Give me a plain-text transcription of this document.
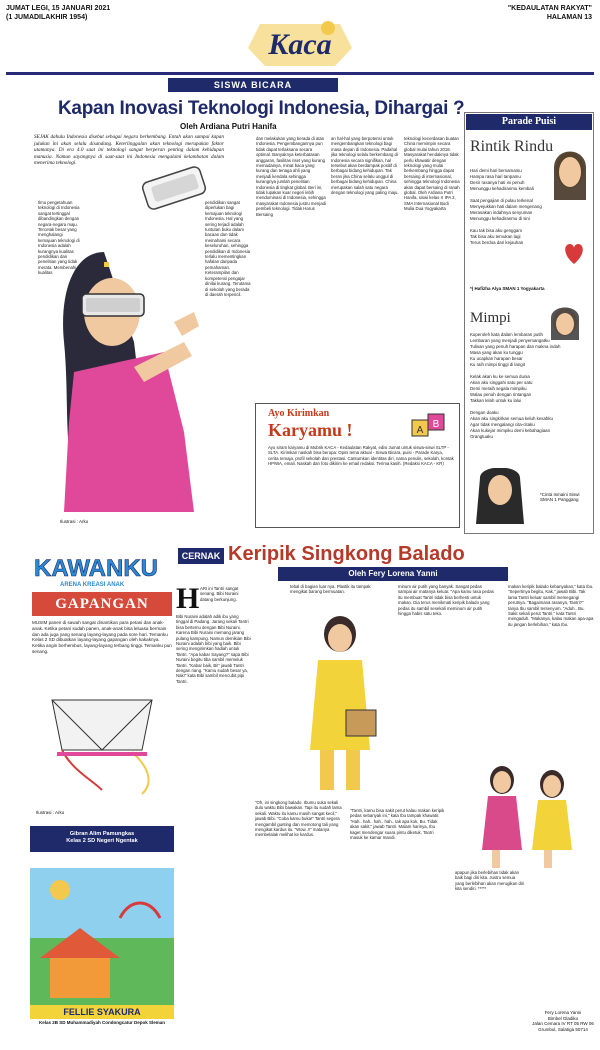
JUMAT LEGI, 15 JANUARI 2021
(1 JUMADILAKHIR 1954)
"KEDAULATAN RAKYAT"
HALAMAN 13
Kaca
SISWA BICARA
Kapan Inovasi Teknologi Indonesia, Dihargai ?
Oleh Ardiana Putri Hanifa
SEJAK dahulu Indonesia disebut sebagai negara berkembang. Entah akan sampai kapan julukan ini akan selalu disandang. Keterlinggalan akan teknologi merupakan faktor utamanya. Di era 4.0 saat ini teknologi sangat berperan penting dalam kehidupan manusia. Namun sayangnya di saat-saat ini Indonesia mengalami kelambatan dalam menerima teknologi.
Ilmu pengetahuan teknologi di Indonesia sangat tertinggal dibandingkan dengan negara-negara maju. Tercetak besar yang menghalangi kemajuan teknologi di Indonesia adalah kurangnya kualitas pendidikan dan penelitian yang tidak merata. Membenahi kualitas
pendidikan sangat diperlukan bagi kemajuan teknologi Indonesia. Hal yang sering terjadi adalah tuntutan buku dalam bacaan dan tidak memahami secara keseluruhan, sehingga pendidikan di Indonesia terlalu mementingkan hafalan daripada pemahaman. Keterampilan dan kompetensi pengajar dinilai kurang. Terutama di sekolah yang berada di daerah terpencil.
dan melakukan yang berada di atas Indonesia. Pengembangannya pun tidak dapat terlaksana secara optimal. Banyaknya keterbatasan anggaran, fasilitas riset yang kurang memadainya, minat baca yang kurang dan tenaga ahli yang menjadi kendala sehingga kurangnya jumlah penelitian Indonesia di tingkat global. Beri ini, tidak lupakan kuar negeri lebih mendominasi di Indonesia, sehingga masyarakat Indonesia justru menjadi pembeli teknologi. Tidak Harus Bersaing
an hal-hal yang berpotensi untuk mengembangkan teknologi bagi masa depan di Indonesia. Padahal jika teknologi selalu berkembang di Indonesia secara signifikan, hal tersebut akan berdampak positif di berbagai bidang kehidupan. Tak heran jika China selalu unggul di berbagai bidang kehidupan. China merupakan salah satu negara dengan teknologi yang paling maju.
teknologi kecerdasan buatan China memimpin secara global mulai tahun 2018. Masyarakat hendaknya tidak perlu khawatir dengan teknologi yang mulai berkembang hingga dapat bersaing di internasional, sehingga teknologi Indonesia akan dapat bersaing di ranah global. Oleh Ardiana Putri Hanifa, siswi kelas X IPA 2, SMA Internasional Budi Mulia Dua Yogyakarta
Ilustrasi : Arko
Ayo Kirimkan
Karyamu !	A
B
Ayo siram karyamu di Mubrik KACA - Kedaulatan Rakyat, edisi Jumat untuk siswa-siswi SLTP - SLTA. Kirimkan naskah bisa berupa: Opini tema aktual - Siswa Bicara, puisi - Parade Karya, cerita remaja, profil sekolah dan prestasi. Cantumkan identitas diri, nama penulis, sekolah, kontak HP/WA, email. Naskah dan foto dikirim ke email redaksi. Terima kasih. (Redaksi KACA - KR)
Parade Puisi
Rintik Rindu
Hari demi hari bersamamu
Hampa rasa hari tanpamu
Desir rasanya hati ini penuh
Menunggu kehadiranmu kembali

Saat pengajian di pulau terkenal
Menyejukkan hati dalam mengenang
Merasakan indahnya senyuman
Menunggu kehadiranmu di sini

Kau tak bisa aku genggam
Tak bisa aku temukan lagi
Terus berdoa dari kejauhan
*) Hafizha Alya SMAN 1 Yogyakarta
Mimpi
Kuperoleh kata dalam lembaran putih
Lembaran yang menjadi penyemangatku
Tulisan yang penuh harapan dan makna indah
Masa yang akan ku tunggu
Ku ucapkan harapan besar
Ku raih mimpi tinggi di langit

Kelak akan ku ke semua dunia
Akan aku singgahi satu per satu
Demi meraih segala mimpiku
Walau penuh dengan rintangan
Takkan lelah untuk ku lalui

Dengan doaku
Akan aku singkirkan semua keluh kesahku
Agar tidak mengalangi cita-citaku
Akan kukejar mimpiku demi kebahagiaan
Orangtuaku
*Cinta Ismaini Siswi SMAN 1 Panggang
KAWANKU
ARENA KREASI ANAK
GAPANGAN
MUSIM panen di sawah sangat dinantikan para petani dan anak-anak. Ketika petani sudah panen, anak-anak bisa leluasa bermain dan ada juga yang senang layang-layang pada sore hari. Temanku Kelas 2 SD dibuatkan layang-layang gapangan oleh kakaknya. Ketika angin berhembus, layang-layang terbang tinggi. Temanku pun senang.
Ilustrasi : Arko
Gibran Alim Pamungkas
Kelas 2 SD Negeri Ngentak
FELLIE SYAKURA
Kelas 2B SD Muhammadiyah Condongcatur Depok Sleman
CERNAK Keripik Singkong Balado
Oleh Fery Lorena Yanni
H ARI ini Tantri sangat senang. Bibi Nuraini datang berkunjung.
Bibi Nuraini adalah adik ibu yang tinggal di Padang. Jarang sekali Tantri bisa bertemu dengan Bibi Nuraini. Karena Bibi Nuraini memang jarang pulang kampung. Namun demikian Bibi Nuraini adalah bibi yang baik. Bibi sering mengirimkan hadiah untuk Tantri. "Apa kabar Sayang?" sapa Bibi Nuraini begitu tiba sambil memeluk Tantri. "Kabar baik, Bi!" jawab Tantri dengan riang. "Kamu sudah besar ya, Nak!" kata Bibi sambil mencubit pipi Tantri.
tebal di bagian luar nya. Plastik itu tampak mengikat barang bermuatan.
"Oh, ini singkong balado. Ibumu suka sekali dulu waktu Bibi bawakan. Tapi itu sudah lama sekali. Waktu itu kamu masih sangat kecil," jawab Bibi. "Coba kamu buka!" Tantri segera mengambil gunting dan memotong tali yang mengikat kardus itu. "Wow..!!" matanya membelalak melihat ke kardus.
minum air putih yang banyak. Sangat pedas sampai air matanya keluar. "Apa kamu rasa pedas itu membuat Tantri tidak bisa berhenti untuk makan. Dia terus menikmati keripik balado yang pedas itu sambil sesekali meminum air putih hingga habis satu teko.
"Tantri, kamu bisa sakit perut kalau makan keripik pedas sebanyak ini," kata Ibu tampak khawatir. "Hah.. hah.. hah.. hah.. tak apa kok, Bu. Tidak akan sakit," jawab Tantri. Malam harinya, Ibu kaget mendengar suara pintu diketuk. Tantri masuk ke kamar mandi.
makan keripik balado kebanyakan," kata Ibu. "Sepertinya begitu, Kak," jawab Bibi. Tak lama Tantri keluar sambil memegangi perutnya. "Bagaimana rasanya, Tantri?" tanya Ibu sambil tersenyum. "Aduh.. Bu. Sakit sekali perut Tantri," kata Tantri mengaduh. "Makanya, kalau makan apa-apa itu jangan berlebihan," kata Ibu.
apapun jika berlebihan tidak akan baik bagi diri kita. Justru semua yang berlebihan akan merugikan diri kita sendiri. *****
Fery Lorena Yanni
Bimbel Gladiko
Jalan Cemara IV RT 05 RW 06
Grumbul, Salatiga 50714
